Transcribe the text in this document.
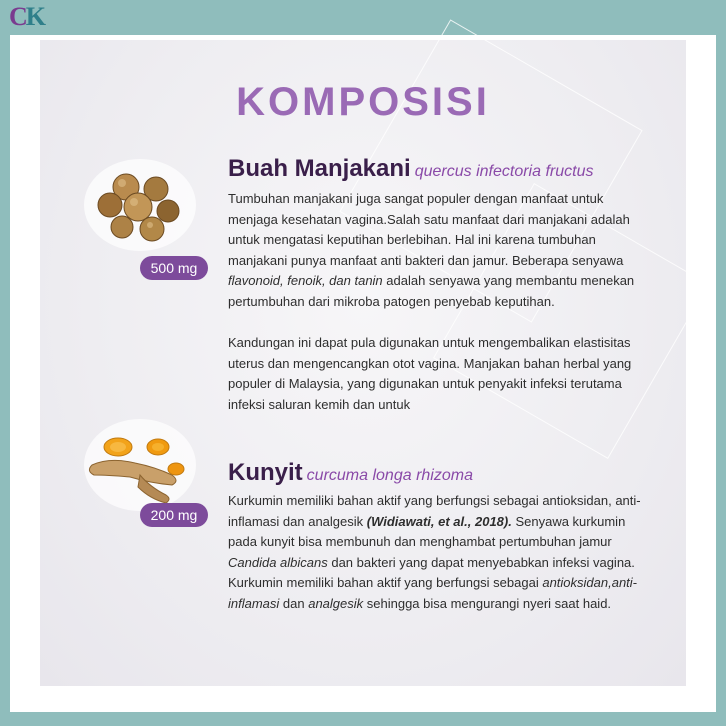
CK
KOMPOSISI
500 mg
Buah Manjakani quercus infectoria fructus

Tumbuhan manjakani juga sangat populer dengan manfaat untuk menjaga kesehatan vagina.Salah satu manfaat dari manjakani adalah untuk mengatasi keputihan berlebihan. Hal ini karena tumbuhan manjakani punya manfaat anti bakteri dan jamur. Beberapa senyawa flavonoid, fenoik, dan tanin adalah senyawa yang membantu menekan pertumbuhan dari mikroba patogen penyebab keputihan.

Kandungan ini dapat pula digunakan untuk mengembalikan elastisitas uterus dan mengencangkan otot vagina. Manjakan bahan herbal yang populer di Malaysia, yang digunakan untuk penyakit infeksi terutama infeksi saluran kemih dan untuk

200 mg
Kunyit curcuma longa rhizoma

Kurkumin memiliki bahan aktif yang berfungsi sebagai antioksidan, anti-inflamasi dan analgesik (Widiawati, et al., 2018). Senyawa kurkumin pada kunyit bisa membunuh dan menghambat pertumbuhan jamur Candida albicans dan bakteri yang dapat menyebabkan infeksi vagina. Kurkumin memiliki bahan aktif yang berfungsi sebagai antioksidan,anti-inflamasi dan analgesik sehingga bisa mengurangi nyeri saat haid.
